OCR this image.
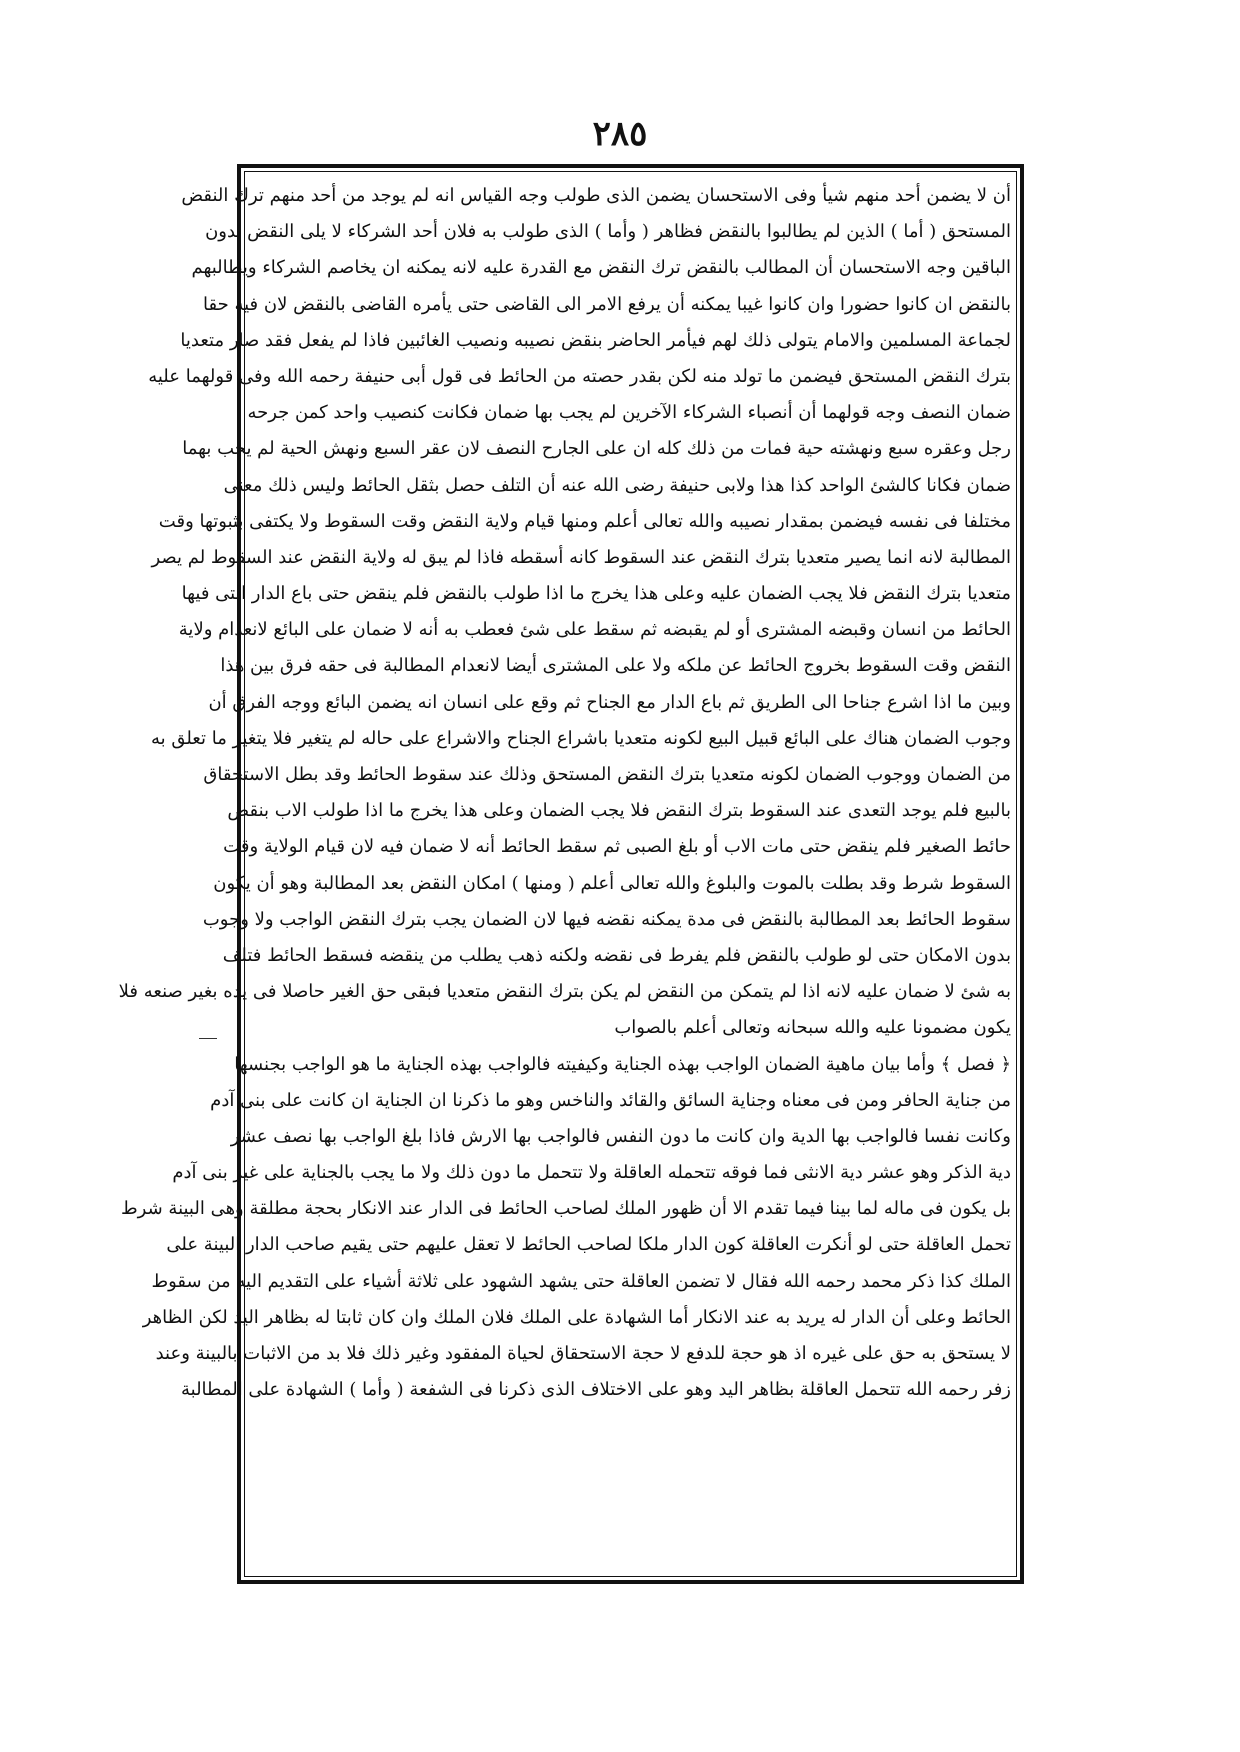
٢٨٥
أن لا يضمن أحد منهم شيأ وفى الاستحسان يضمن الذى طولب وجه القياس انه لم يوجد من أحد منهم ترك النقض
المستحق ( أما ) الذين لم يطالبوا بالنقض فظاهر ( وأما ) الذى طولب به فلان أحد الشركاء لا يلى النقض بدون
الباقين وجه الاستحسان أن المطالب بالنقض ترك النقض مع القدرة عليه لانه يمكنه ان يخاصم الشركاء ويطالبهم
بالنقض ان كانوا حضورا وان كانوا غيبا يمكنه أن يرفع الامر الى القاضى حتى يأمره القاضى بالنقض لان فيه حقا
لجماعة المسلمين والامام يتولى ذلك لهم فيأمر الحاضر بنقض نصيبه ونصيب الغائبين فاذا لم يفعل فقد صار متعديا
بترك النقض المستحق فيضمن ما تولد منه لكن بقدر حصته من الحائط فى قول أبى حنيفة رحمه الله وفى قولهما عليه
ضمان النصف وجه قولهما أن أنصباء الشركاء الآخرين لم يجب بها ضمان فكانت كنصيب واحد كمن جرحه
رجل وعقره سبع ونهشته حية فمات من ذلك كله ان على الجارح النصف لان عقر السبع ونهش الحية لم يجب بهما
ضمان فكانا كالشئ الواحد كذا هذا ولابى حنيفة رضى الله عنه أن التلف حصل بثقل الحائط وليس ذلك معنى
مختلفا فى نفسه فيضمن بمقدار نصيبه والله تعالى أعلم ومنها قيام ولاية النقض وقت السقوط ولا يكتفى بثبوتها وقت
المطالبة لانه انما يصير متعديا بترك النقض عند السقوط كانه أسقطه فاذا لم يبق له ولاية النقض عند السقوط لم يصر
متعديا بترك النقض فلا يجب الضمان عليه وعلى هذا يخرج ما اذا طولب بالنقض فلم ينقض حتى باع الدار التى فيها
الحائط من انسان وقبضه المشترى أو لم يقبضه ثم سقط على شئ فعطب به أنه لا ضمان على البائع لانعدام ولاية
النقض وقت السقوط بخروج الحائط عن ملكه ولا على المشترى أيضا لانعدام المطالبة فى حقه فرق بين هذا
وبين ما اذا اشرع جناحا الى الطريق ثم باع الدار مع الجناح ثم وقع على انسان انه يضمن البائع ووجه الفرق أن
وجوب الضمان هناك على البائع قبيل البيع لكونه متعديا باشراع الجناح والاشراع على حاله لم يتغير فلا يتغير ما تعلق به
من الضمان ووجوب الضمان لكونه متعديا بترك النقض المستحق وذلك عند سقوط الحائط وقد بطل الاستحقاق
بالبيع فلم يوجد التعدى عند السقوط بترك النقض فلا يجب الضمان وعلى هذا يخرج ما اذا طولب الاب بنقض
حائط الصغير فلم ينقض حتى مات الاب أو بلغ الصبى ثم سقط الحائط أنه لا ضمان فيه لان قيام الولاية وقت
السقوط شرط وقد بطلت بالموت والبلوغ والله تعالى أعلم ( ومنها ) امكان النقض بعد المطالبة وهو أن يكون
سقوط الحائط بعد المطالبة بالنقض فى مدة يمكنه نقضه فيها لان الضمان يجب بترك النقض الواجب ولا وجوب
بدون الامكان حتى لو طولب بالنقض فلم يفرط فى نقضه ولكنه ذهب يطلب من ينقضه فسقط الحائط فتلف
به شئ لا ضمان عليه لانه اذا لم يتمكن من النقض لم يكن بترك النقض متعديا فبقى حق الغير حاصلا فى يده بغير صنعه فلا
يكون مضمونا عليه والله سبحانه وتعالى أعلم بالصواب
﴿ فصل ﴾ وأما بيان ماهية الضمان الواجب بهذه الجناية وكيفيته فالواجب بهذه الجناية ما هو الواجب بجنسها
من جناية الحافر ومن فى معناه وجناية السائق والقائد والناخس وهو ما ذكرنا ان الجناية ان كانت على بنى آدم
وكانت نفسا فالواجب بها الدية وان كانت ما دون النفس فالواجب بها الارش فاذا بلغ الواجب بها نصف عشر
دية الذكر وهو عشر دية الانثى فما فوقه تتحمله العاقلة ولا تتحمل ما دون ذلك ولا ما يجب بالجناية على غير بنى آدم
بل يكون فى ماله لما بينا فيما تقدم الا أن ظهور الملك لصاحب الحائط فى الدار عند الانكار بحجة مطلقة وهى البينة شرط
تحمل العاقلة حتى لو أنكرت العاقلة كون الدار ملكا لصاحب الحائط لا تعقل عليهم حتى يقيم صاحب الدار البينة على
الملك كذا ذكر محمد رحمه الله فقال لا تضمن العاقلة حتى يشهد الشهود على ثلاثة أشياء على التقديم اليه من سقوط
الحائط وعلى أن الدار له يريد به عند الانكار أما الشهادة على الملك فلان الملك وان كان ثابتا له بظاهر اليد لكن الظاهر
لا يستحق به حق على غيره اذ هو حجة للدفع لا حجة الاستحقاق لحياة المفقود وغير ذلك فلا بد من الاثبات بالبينة وعند
زفر رحمه الله تتحمل العاقلة بظاهر اليد وهو على الاختلاف الذى ذكرنا فى الشفعة ( وأما ) الشهادة على المطالبة
